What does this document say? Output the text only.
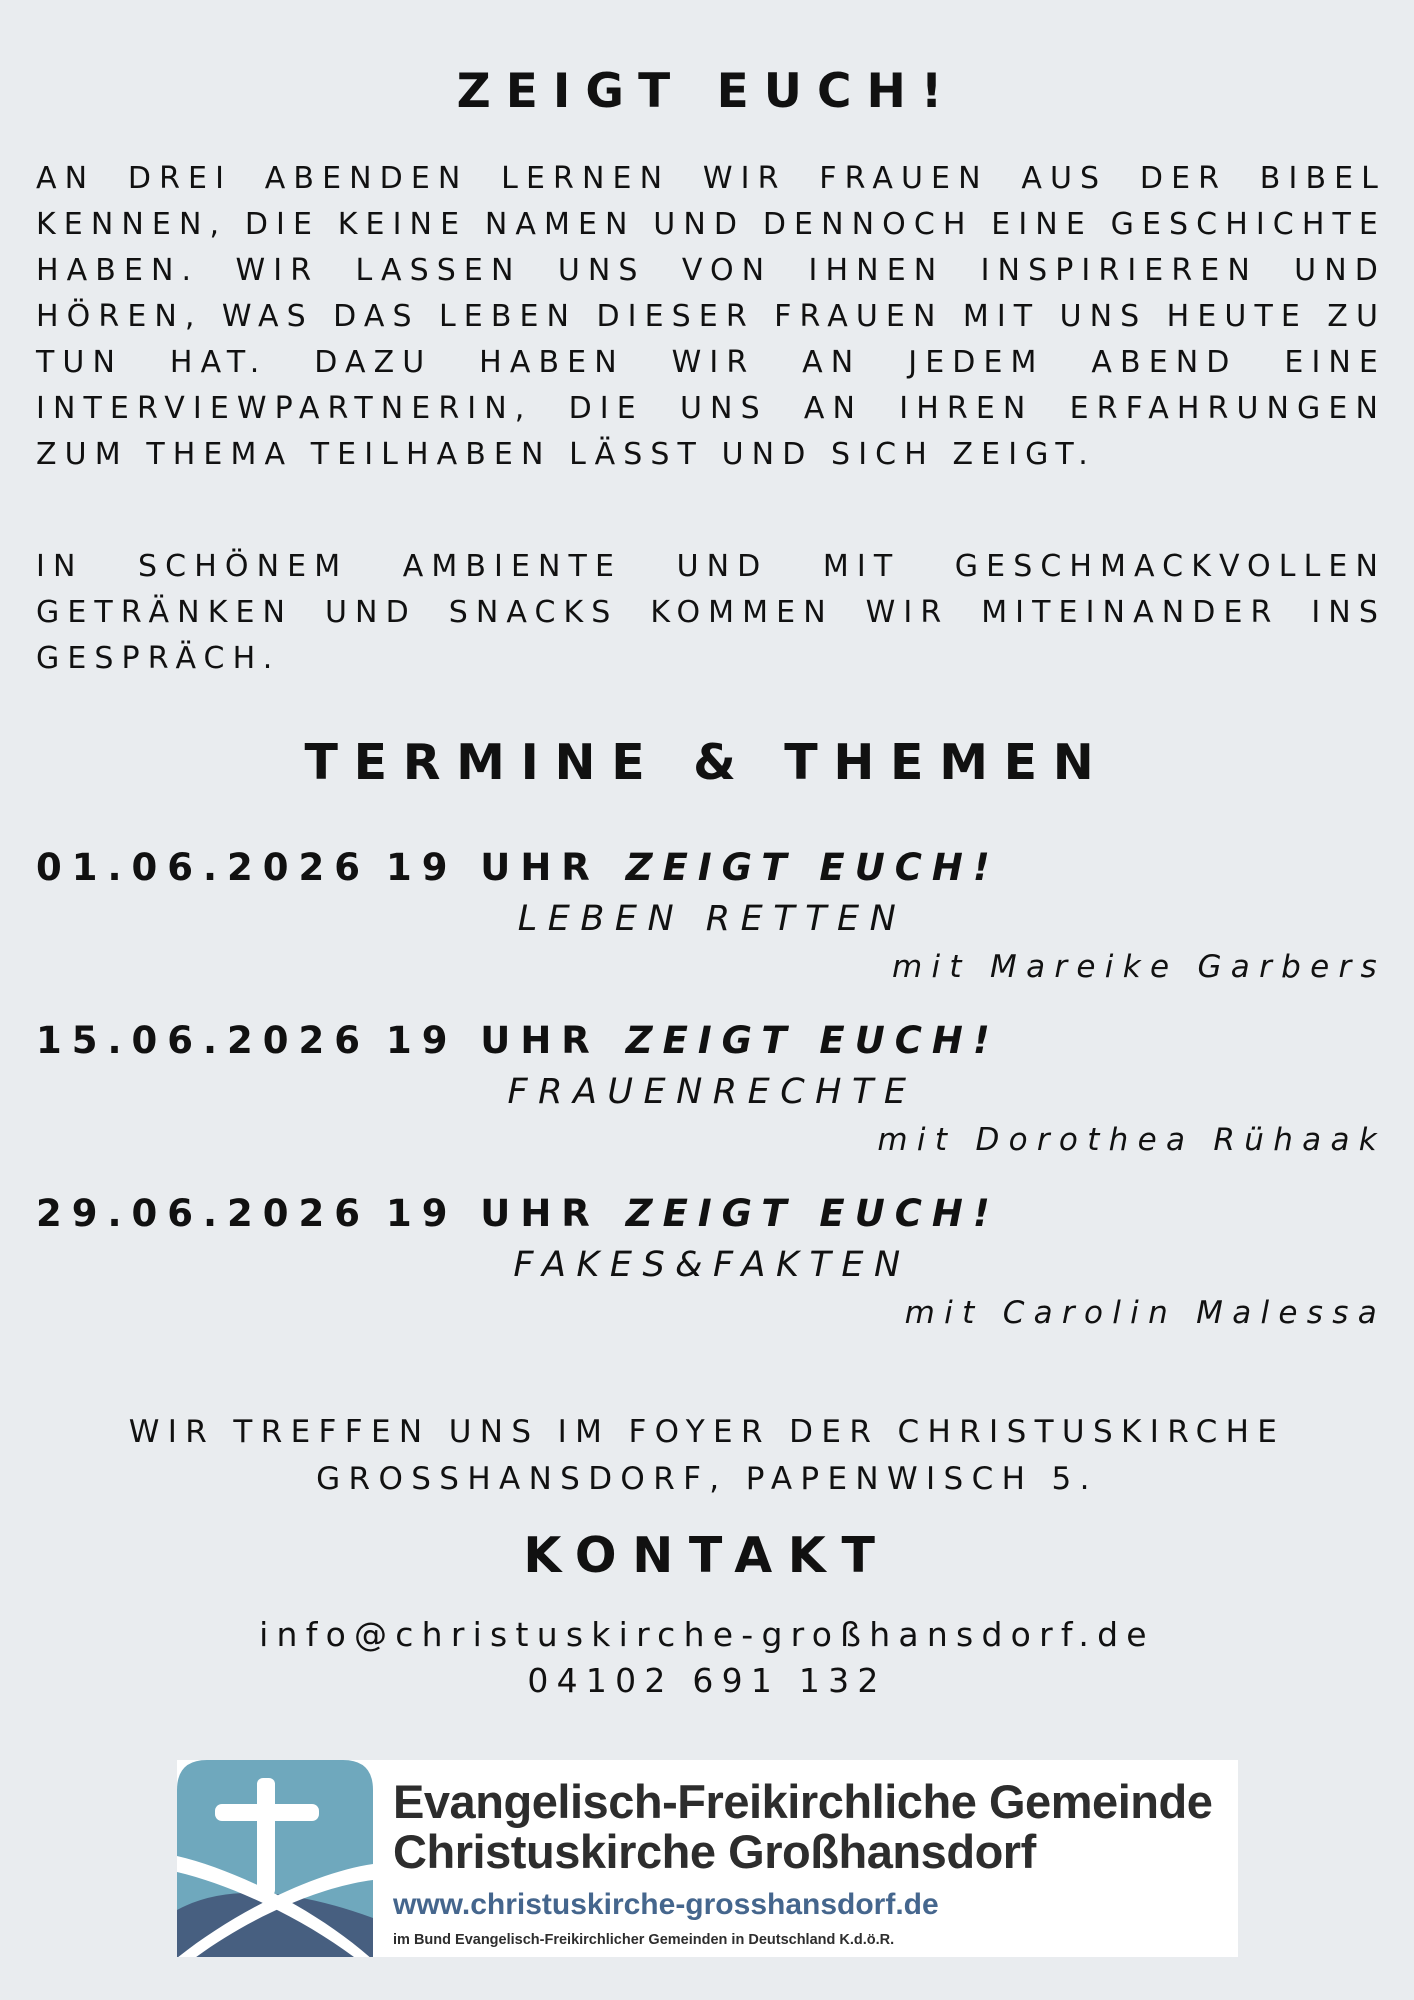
ZEIGT EUCH!

AN DREI ABENDEN LERNEN WIR FRAUEN AUS DER BIBEL KENNEN, DIE KEINE NAMEN UND DENNOCH EINE GESCHICHTE HABEN. WIR LASSEN UNS VON IHNEN INSPIRIEREN UND HÖREN, WAS DAS LEBEN DIESER FRAUEN MIT UNS HEUTE ZU TUN HAT. DAZU HABEN WIR AN JEDEM ABEND EINE INTERVIEWPARTNERIN, DIE UNS AN IHREN ERFAHRUNGEN ZUM THEMA TEILHABEN LÄSST UND SICH ZEIGT.

IN SCHÖNEM AMBIENTE UND MIT GESCHMACKVOLLEN GETRÄNKEN UND SNACKS KOMMEN WIR MITEINANDER INS GESPRÄCH.

TERMINE & THEMEN
01.06.2026 19 UHR ZEIGT EUCH!
LEBEN RETTEN
mit Mareike Garbers
15.06.2026 19 UHR ZEIGT EUCH!
FRAUENRECHTE
mit Dorothea Rühaak
29.06.2026 19 UHR ZEIGT EUCH!
FAKES&FAKTEN
mit Carolin Malessa
WIR TREFFEN UNS IM FOYER DER CHRISTUSKIRCHE
GROSSHANSDORF, PAPENWISCH 5.
KONTAKT
info@christuskirche-großhansdorf.de
04102 691 132
Evangelisch-Freikirchliche Gemeinde
Christuskirche Großhansdorf
www.christuskirche-grosshansdorf.de
im Bund Evangelisch-Freikirchlicher Gemeinden in Deutschland K.d.ö.R.
